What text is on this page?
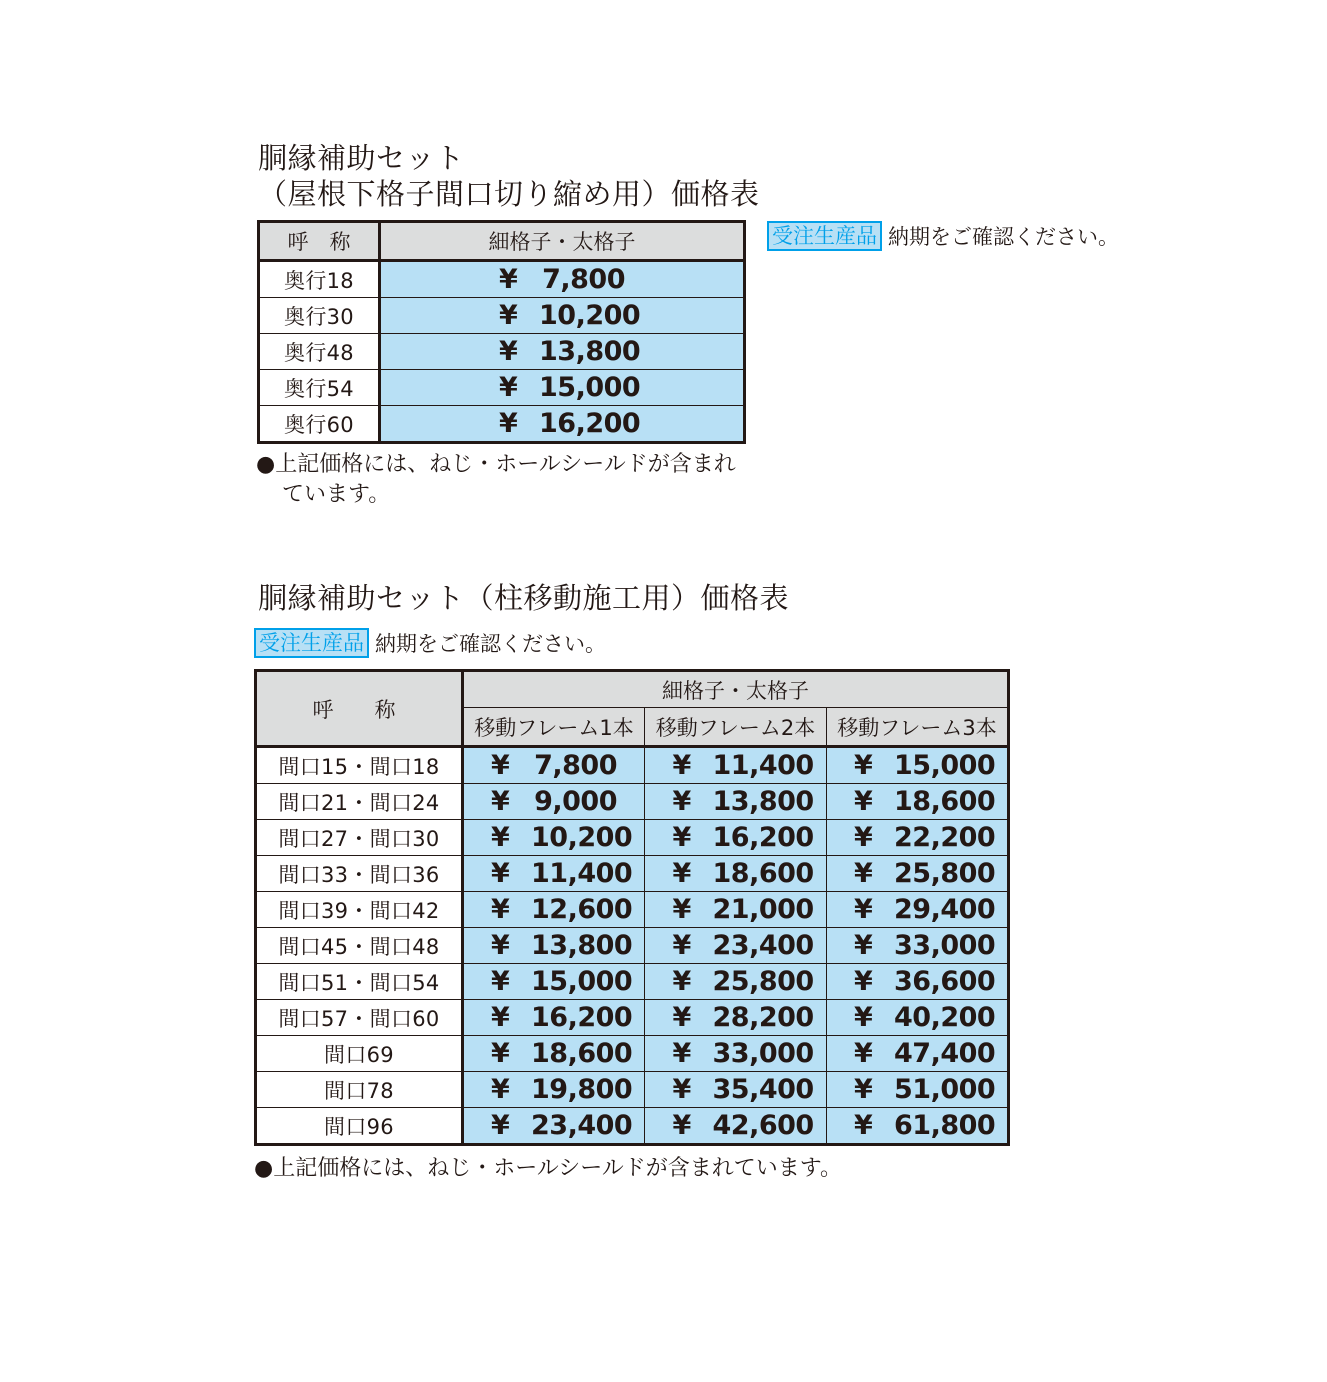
胴縁補助セット
（屋根下格子間口切り縮め用）価格表
受注生産品 納期をご確認ください。
呼　称	細格子・太格子
奥行18	¥ 7,800
奥行30	¥ 10,200
奥行48	¥ 13,800
奥行54	¥ 15,000
奥行60	¥ 16,200
●上記価格には、ねじ・ホールシールドが含まれ
ています。
胴縁補助セット（柱移動施工用）価格表
受注生産品 納期をご確認ください。
呼　称	細格子・太格子		
	移動フレーム1本	移動フレーム2本	移動フレーム3本
間口15・間口18	¥ 7,800	¥ 11,400	¥ 15,000
間口21・間口24	¥ 9,000	¥ 13,800	¥ 18,600
間口27・間口30	¥ 10,200	¥ 16,200	¥ 22,200
間口33・間口36	¥ 11,400	¥ 18,600	¥ 25,800
間口39・間口42	¥ 12,600	¥ 21,000	¥ 29,400
間口45・間口48	¥ 13,800	¥ 23,400	¥ 33,000
間口51・間口54	¥ 15,000	¥ 25,800	¥ 36,600
間口57・間口60	¥ 16,200	¥ 28,200	¥ 40,200
間口69	¥ 18,600	¥ 33,000	¥ 47,400
間口78	¥ 19,800	¥ 35,400	¥ 51,000
間口96	¥ 23,400	¥ 42,600	¥ 61,800
●上記価格には、ねじ・ホールシールドが含まれています。
